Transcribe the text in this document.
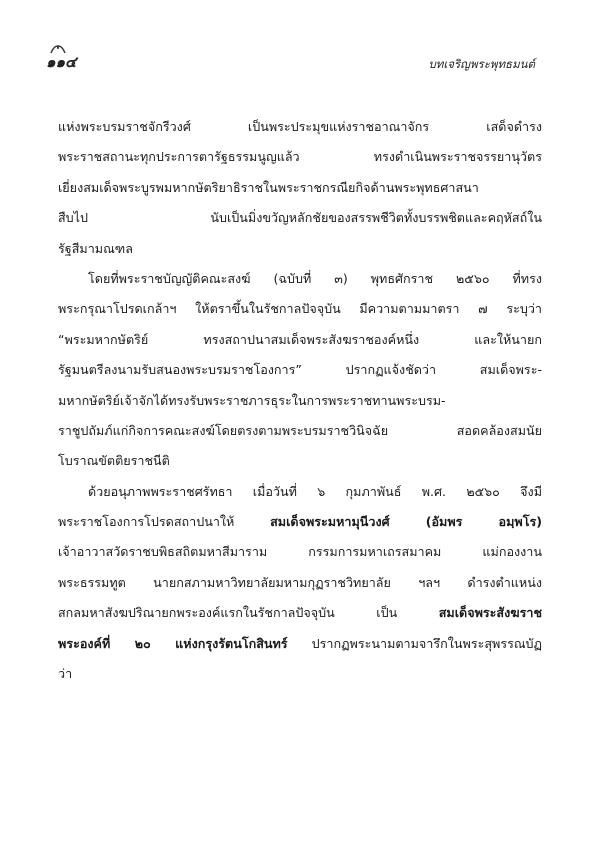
๑๑๔	บทเจริญพระพุทธมนต์
แห่งพระบรมราชจักรีวงศ์ เป็นพระประมุขแห่งราชอาณาจักร เสด็จดำรง
พระราชสถานะทุกประการตารัฐธรรมนูญแล้ว ทรงดำเนินพระราชจรรยานุวัตร
เยี่ยงสมเด็จพระบูรพมหากษัตริยาธิราชในพระราชกรณียกิจด้านพระพุทธศาสนา
สืบไป นับเป็นมิ่งขวัญหลักชัยของสรรพชีวิตทั้งบรรพชิตและคฤหัสถ์ใน
รัฐสีมามณฑล
โดยที่พระราชบัญญัติคณะสงฆ์ (ฉบับที่ ๓) พุทธศักราช ๒๕๖๐ ที่ทรง
พระกรุณาโปรดเกล้าฯ ให้ตราขึ้นในรัชกาลปัจจุบัน มีความตามมาตรา ๗ ระบุว่า
“พระมหากษัตริย์ ทรงสถาปนาสมเด็จพระสังฆราชองค์หนึ่ง และให้นายก
รัฐมนตรีลงนามรับสนองพระบรมราชโองการ” ปรากฏแจ้งชัดว่า สมเด็จพระ-
มหากษัตริย์เจ้าจักได้ทรงรับพระราชภารธุระในการพระราชทานพระบรม-
ราชูปถัมภ์แก่กิจการคณะสงฆ์โดยตรงตามพระบรมราชวินิจฉัย สอดคล้องสมนัย
โบราณขัตติยราชนีติ
ด้วยอนุภาพพระราชศรัทธา เมื่อวันที่ ๖ กุมภาพันธ์ พ.ศ. ๒๕๖๐ จึงมี
พระราชโองการโปรดสถาปนาให้ สมเด็จพระมหามุนีวงศ์ (อัมพร อมฺพโร)
เจ้าอาวาสวัดราชบพิธสถิตมหาสีมาราม กรรมการมหาเถรสมาคม แม่กองงาน
พระธรรมทูต นายกสภามหาวิทยาลัยมหามกุฏราชวิทยาลัย ฯลฯ ดำรงตำแหน่ง
สกลมหาสังฆปริณายกพระองค์แรกในรัชกาลปัจจุบัน เป็น สมเด็จพระสังฆราช
พระองค์ที่ ๒๐ แห่งกรุงรัตนโกสินทร์ ปรากฏพระนามตามจารึกในพระสุพรรณบัฏ
ว่า
